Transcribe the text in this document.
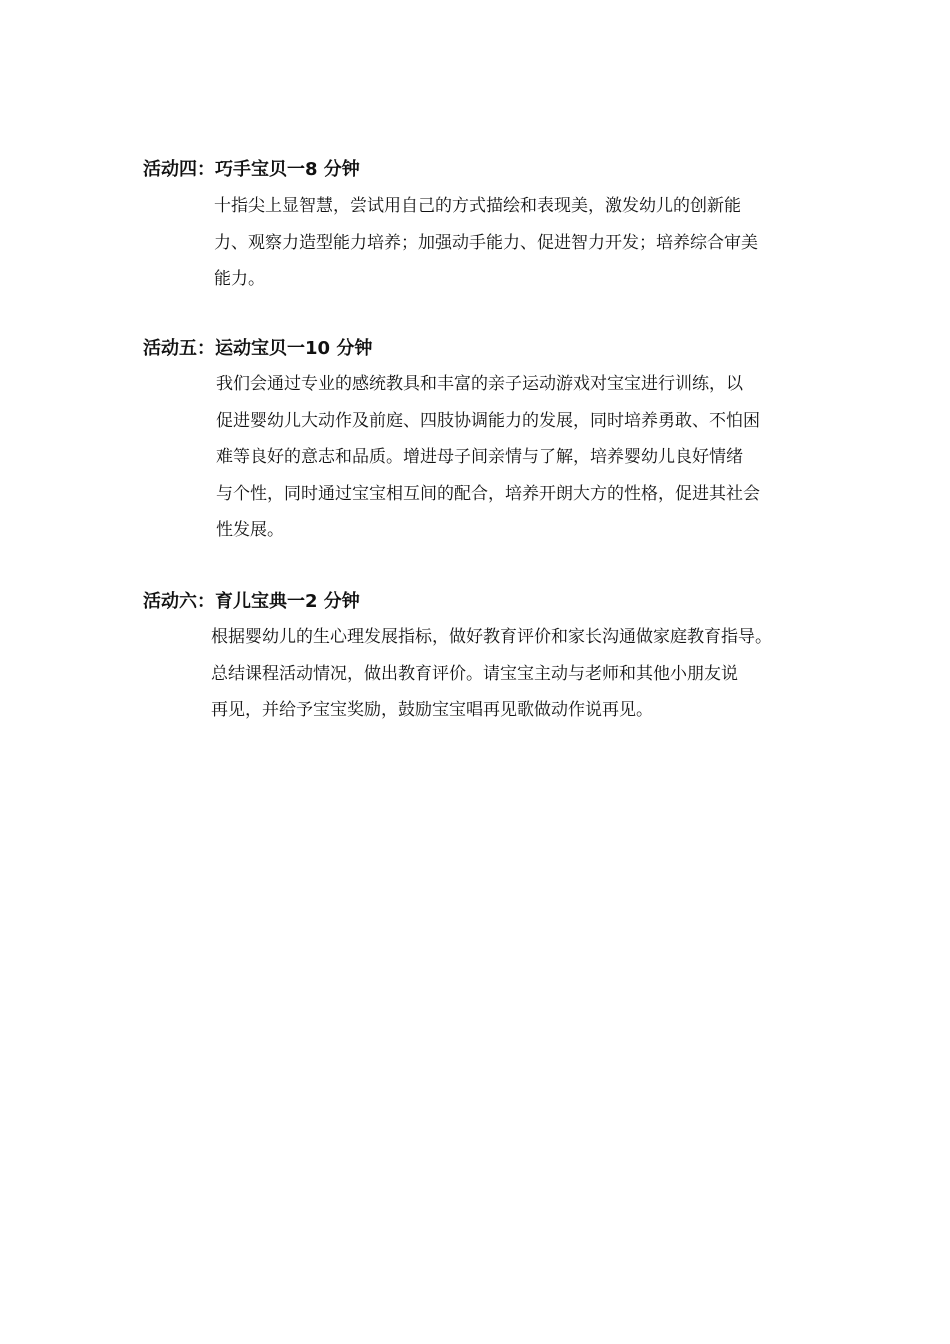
活动四：巧手宝贝一8 分钟
十指尖上显智慧，尝试用自己的方式描绘和表现美，激发幼儿的创新能
力、观察力造型能力培养；加强动手能力、促进智力开发；培养综合审美
能力。
活动五：运动宝贝一10 分钟
我们会通过专业的感统教具和丰富的亲子运动游戏对宝宝进行训练，以
促进婴幼儿大动作及前庭、四肢协调能力的发展，同时培养勇敢、不怕困
难等良好的意志和品质。增进母子间亲情与了解，培养婴幼儿良好情绪
与个性，同时通过宝宝相互间的配合，培养开朗大方的性格，促进其社会
性发展。
活动六：育儿宝典一2 分钟
根据婴幼儿的生心理发展指标，做好教育评价和家长沟通做家庭教育指导。
总结课程活动情况，做出教育评价。请宝宝主动与老师和其他小朋友说
再见，并给予宝宝奖励，鼓励宝宝唱再见歌做动作说再见。
